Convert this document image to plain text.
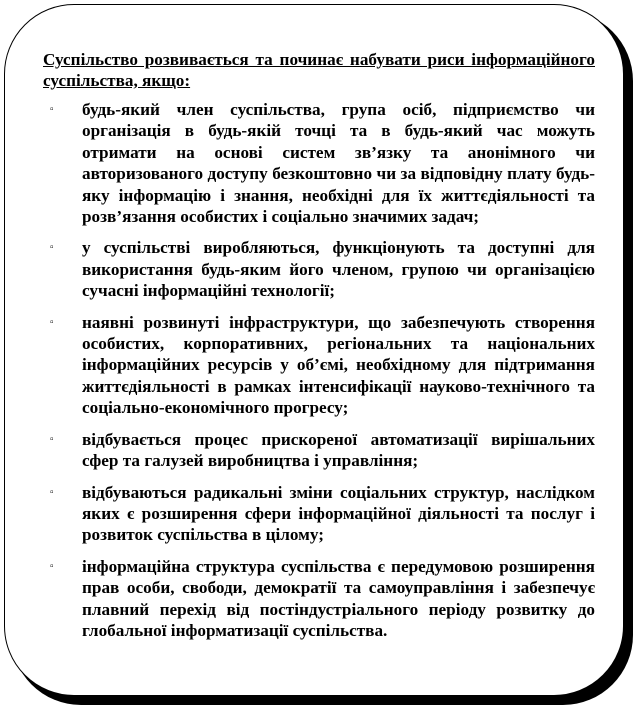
Суспільство розвивається та починає набувати риси інформаційного суспільства, якщо:

▫ будь-який член суспільства, група осіб, підприємство чи організація в будь-якій точці та в будь-який час можуть отримати на основі систем зв’язку та анонімного чи авторизованого доступу безкоштовно чи за відповідну плату будь-яку інформацію і знання, необхідні для їх життєдіяльності та розв’язання особистих і соціально значимих задач;
▫ у суспільстві виробляються, функціонують та доступні для використання будь-яким його членом, групою чи організацією сучасні інформаційні технології;
▫ наявні розвинуті інфраструктури, що забезпечують створення особистих, корпоративних, регіональних та національних інформаційних ресурсів у об’ємі, необхідному для підтримання життєдіяльності в рамках інтенсифікації науково-технічного та соціально-економічного прогресу;
▫ відбувається процес прискореної автоматизації вирішальних сфер та галузей виробництва і управління;
▫ відбуваються радикальні зміни соціальних структур, наслідком яких є розширення сфери інформаційної діяльності та послуг і розвиток суспільства в цілому;
▫ інформаційна структура суспільства є передумовою розширення прав особи, свободи, демократії та самоуправління і забезпечує плавний перехід від постіндустріального періоду розвитку до глобальної інформатизації суспільства.
